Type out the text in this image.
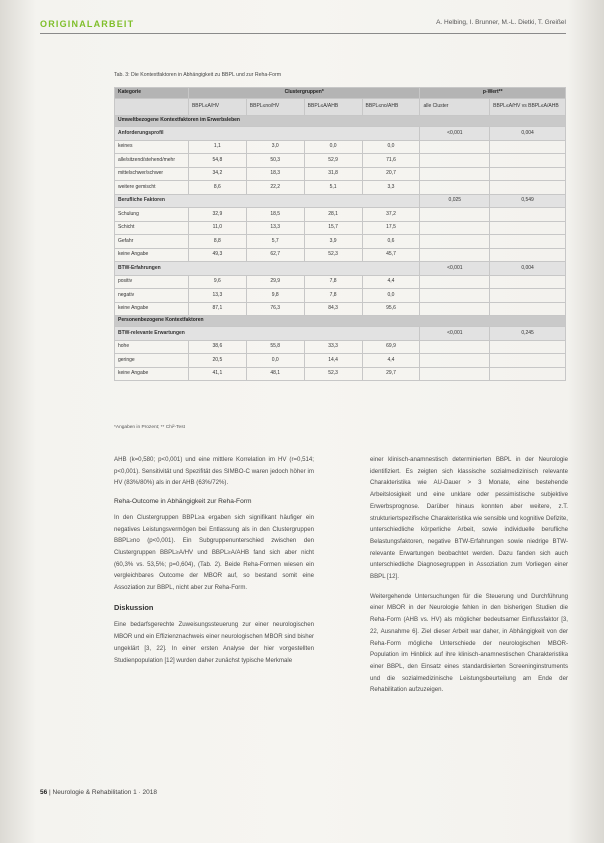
ORIGINALARBEIT	A. Helbing, I. Brunner, M.-L. Dietki, T. Greißel
Tab. 3: Die Kontextfaktoren in Abhängigkeit zu BBPL und zur Reha-Form
Kategorie	Clustergruppen*				p-Wert**	
	BBPL≤A/HV	BBPL≤no/HV	BBPL≤A/AHB	BBPL≤no/AHB	alle Cluster	BBPL≤A/HV vs BBPL≤A/AHB
Umweltbezogene Kontextfaktoren im Erwerbsleben						
Anforderungsprofil					<0,001	0,004
keines	1,1	3,0	0,0	0,0		
alle/sitzend/stehend/mehr	54,8	50,3	52,9	71,6		
mittelschwer/schwer	34,2	18,3	31,8	20,7		
weitere gemischt	8,6	22,2	5,1	3,3		
Berufliche Faktoren					0,025	0,549
Schulung	32,9	18,5	28,1	37,2		
Schicht	11,0	13,3	15,7	17,5		
Gefahr	8,8	5,7	3,9	0,6		
keine Angabe	49,3	62,7	52,3	45,7		
BTW-Erfahrungen					<0,001	0,004
positiv	9,6	29,9	7,8	4,4		
negativ	13,3	9,8	7,8	0,0		
keine Angabe	87,1	76,3	84,3	95,6		
Personenbezogene Kontextfaktoren						
BTW-relevante Erwartungen					<0,001	0,245
hohe	38,6	55,8	33,3	69,9		
geringe	20,5	0,0	14,4	4,4		
keine Angabe	41,1	48,1	52,3	29,7		
*Angaben in Prozent; ** Chi²-Test

AHB (k=0,580; p<0,001) und eine mittlere Korrelation im HV (r=0,514; p<0,001). Sensitivität und Spezifität des SIMBO-C waren jedoch höher im HV (83%/80%) als in der AHB (63%/72%).

Reha-Outcome in Abhängigkeit zur Reha-Form

In den Clustergruppen BBPL≥a ergaben sich signifikant häufiger ein negatives Leistungsvermögen bei Entlassung als in den Clustergruppen BBPL≥no (p<0,001). Ein Subgruppenunterschied zwischen den Clustergruppen BBPL≥A/HV und BBPL≥A/AHB fand sich aber nicht (60,3% vs. 53,5%; p=0,604), (Tab. 2). Beide Reha-Formen wiesen ein vergleichbares Outcome der MBOR auf, so bestand somit eine Assoziation zur BBPL, nicht aber zur Reha-Form.

Diskussion

Eine bedarfsgerechte Zuweisungssteuerung zur einer neurologischen MBOR und ein Effizienznachweis einer neurologischen MBOR sind bisher ungeklärt [3, 22]. In einer ersten Analyse der hier vorgestellten Studienpopulation [12] wurden daher zunächst typische Merkmale

einer klinisch-anamnestisch determinierten BBPL in der Neurologie identifiziert. Es zeigten sich klassische sozialmedizinisch relevante Charakteristika wie AU-Dauer > 3 Monate, eine bestehende Arbeitslosigkeit und eine unklare oder pessimistische subjektive Erwerbsprognose. Darüber hinaus konnten aber weitere, z.T. strukturiertspezifische Charakteristika wie sensible und kognitive Defizite, unterschiedliche körperliche Arbeit, sowie individuelle berufliche Belastungsfaktoren, negative BTW-Erfahrungen sowie niedrige BTW-relevante Erwartungen beobachtet werden. Dazu fanden sich auch unterschiedliche Diagnosegruppen in Assoziation zum Vorliegen einer BBPL [12].

Weitergehende Untersuchungen für die Steuerung und Durchführung einer MBOR in der Neurologie fehlen in den bisherigen Studien die Reha-Form (AHB vs. HV) als möglicher bedeutsamer Einflussfaktor [3, 22, Ausnahme 6]. Ziel dieser Arbeit war daher, in Abhängigkeit von der Reha-Form mögliche Unterschiede der neurologischen MBOR-Population im Hinblick auf ihre klinisch-anamnestischen Charakteristika einer BBPL, den Einsatz eines standardisierten Screeninginstruments und die sozialmedizinische Leistungsbeurteilung am Ende der Rehabilitation aufzuzeigen.

56 | Neurologie & Rehabilitation 1 · 2018
